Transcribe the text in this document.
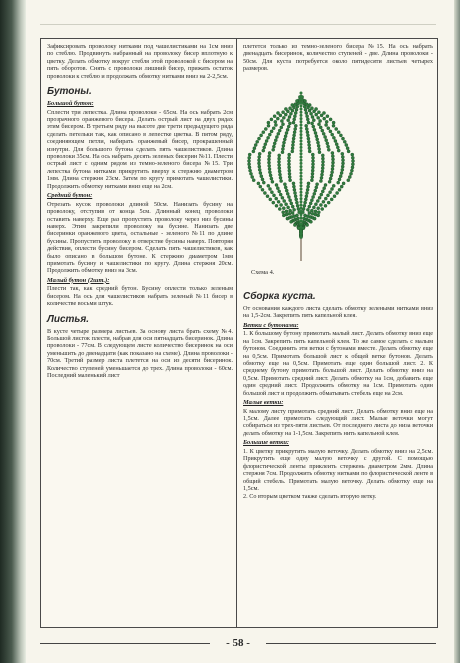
Зафиксировать проволоку нитками под чашелистиками на 1см вниз по стеблю. Продвинуть набранный на проволоку бисер вплотную к цветку. Делать обмотку вокруг стебля этой проволокой с бисером на пять оборотов. Снять с проволоки лишний бисер, прижать остаток проволоки к стеблю и продолжать обмотку нитками вниз на 2-2,5см.

Бутоны.
Большой бутон:

Сплести три лепестка. Длина проволоки - 65см. На ось набрать 2см прозрачного оранжевого бисера. Делать острый лист на двух рядах этим бисером. В третьем ряду на высоте две трети предыдущего ряда сделать петельки так, как описано в лепестке цветка. В пятом ряду, соединяющем петли, набирать оранжевый бисер, прокрашенный изнутри. Для большого бутона сделать пять чашелистиков. Длина проволоки 35см. На ось набрать десять зеленых бисерин №11. Плести острый лист с одним рядом из темно-зеленого бисера №15. Три лепестка бутона нитками прикрутить вверху к стержню диаметром 1мм. Длина стержня 23см. Затем по кругу примотать чашелистики. Продолжить обмотку нитками вниз еще на 2см.

Средний бутон:

Отрезать кусок проволоки длиной 50см. Нанизать бусину на проволоку, отступив от конца 5см. Длинный конец проволоки оставить наверху. Еще раз пропустить проволоку через низ бусины наверх. Этим закрепили проволоку на бусине. Нанизать две бисеринки оранжевого цвета, остальные - зеленого №11 по длине бусины. Пропустить проволоку в отверстие бусины наверх. Повторяя действия, оплести бусину бисером. Сделать пять чашелистиков, как было описано в большом бутоне. К стержню диаметром 1мм примотать бусину и чашелистики по кругу. Длина стержня 20см. Продолжить обмотку вниз на 3см.

Малый бутон (2шт.):

Плести так, как средний бутон. Бусину оплести только зеленым бисером. На ось для чашелистиков набрать зеленый №11 бисер в количестве восьми штук.

Листья.

В кусте четыре размера листьев. За основу листа брать схему №4. Большой лисгок плести, набрав для оси пятнадцать бисеринок. Длина проволоки - 77см. В следующем листе количество бисеринок на оси уменьшить до двенадцати (как показано на схеме). Длина проволоки - 70см. Третий размер листа плетется на оси из десяти бисеринок. Количество ступеней уменьшается до трех. Длина проволоки - 60см. Последний маленький лист

плетется только из темно-зеленого бисера №15. На ось набрать двенадцать бисеринок, количество ступеней - две. Длина проволоки - 50см. Для куста потребуется около пятидесяти листьев четырех размеров.

Схема 4.
Сборка куста.

От основания каждого листа сделать обмотку зелеными нитками вниз на 1,5-2см. Закрепить пять капельной клея.

Ветки с бутонами:

1. К большому бутону примотать малый лист. Делать обмотку вниз еще на 1см. Закрепить пять капельной клея. То же самое сделать с малым бутоном. Соединить эти ветки с бутонами вместе. Делать обмотку еще на 0,5см. Примотать большой лист к общей ветке бутонов. Делать обмотку еще на 0,5см. Примотать еще один большой лист. 2. К среднему бутону примотать большой лист. Делать обмотку вниз на 0,5см. Примотать средний лист. Делать обмотку на 1см, добавить еще один средний лист. Продолжить обмотку на 1см. Примотать один большой лист и продолжить обматывать стебель еще на 2см.

Малые ветки:

К малому листу примотать средний лист. Делать обмотку вниз еще на 1,5см. Далее примотать следующий лист. Малые веточки могут собираться из трех-пяти листьев. От последнего листа до низа веточки делать обмотку на 1-1,5см. Закрепить нить капельной клея.

Большие ветки:

1. К цветку прикрутить малую веточку. Делать обмотку вниз на 2,5см. Прикрутить еще одну малую веточку с другой. С помощью флористической ленты приклеить стержень диаметром 2мм. Длина стержня 7см. Продолжить обмотку нитками по флористической ленте в общий стебель. Примотать малую веточку. Делать обмотку еще на 1,5см.

2. Со вторым цветком также сделать вторую ветку.

- 58 -
